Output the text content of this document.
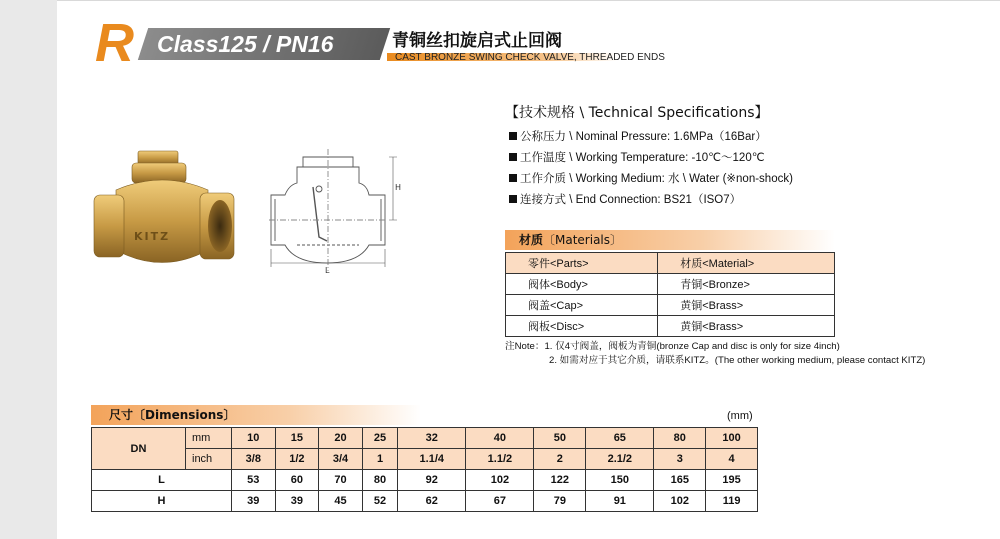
R Class125 / PN16	青铜丝扣旋启式止回阀
CAST BRONZE SWING CHECK VALVE, THREADED ENDS
KITZ
H
L
【技术规格 \ Technical Specifications】
公称压力 \ Nominal Pressure: 1.6MPa（16Bar）
工作温度 \ Working Temperature: -10℃～120℃
工作介质 \ Working Medium: 水 \ Water (※non-shock)
连接方式 \ End Connection: BS21（ISO7）
材质〔Materials〕
零件<Parts>	材质<Material>
阀体<Body>	青铜<Bronze>
阀盖<Cap>	黄铜<Brass>
阀板<Disc>	黄铜<Brass>
注Note：1. 仅4寸阀盖，阀板为青铜(bronze Cap and disc is only for size 4inch)
2. 如需对应于其它介质，请联系KITZ。(The other working medium, please contact KITZ)
尺寸〔Dimensions〕	(mm)
DN	mm	10	15	20	25	32	40	50	65	80	100
	inch	3/8	1/2	3/4	1	1.1/4	1.1/2	2	2.1/2	3	4
L		53	60	70	80	92	102	122	150	165	195
H		39	39	45	52	62	67	79	91	102	119
